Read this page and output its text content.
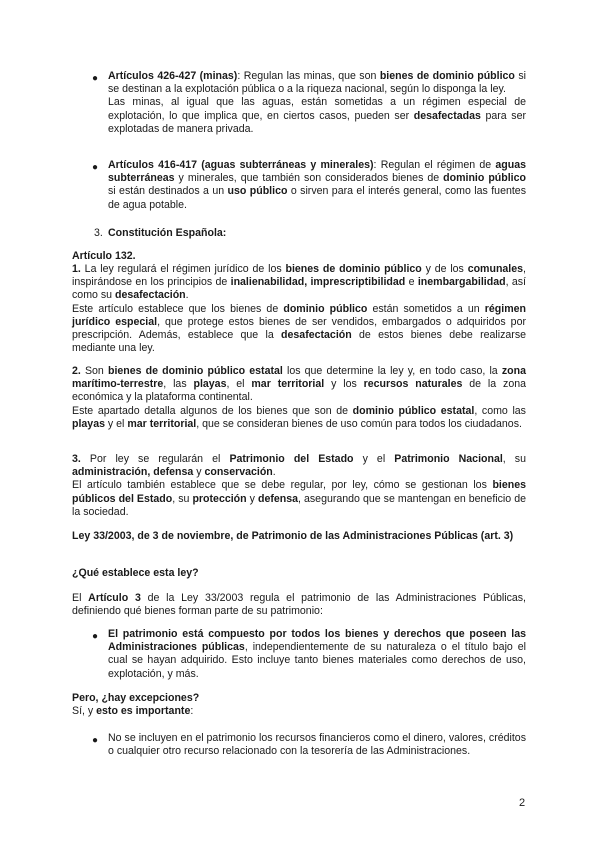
● Artículos 426-427 (minas): Regulan las minas, que son bienes de dominio público si se destinan a la explotación pública o a la riqueza nacional, según lo disponga la ley.
Las minas, al igual que las aguas, están sometidas a un régimen especial de explotación, lo que implica que, en ciertos casos, pueden ser desafectadas para ser explotadas de manera privada.
● Artículos 416-417 (aguas subterráneas y minerales): Regulan el régimen de aguas subterráneas y minerales, que también son considerados bienes de dominio público si están destinados a un uso público o sirven para el interés general, como las fuentes de agua potable.
3. Constitución Española:
Artículo 132.
1. La ley regulará el régimen jurídico de los bienes de dominio público y de los comunales, inspirándose en los principios de inalienabilidad, imprescriptibilidad e inembargabilidad, así como su desafectación.
Este artículo establece que los bienes de dominio público están sometidos a un régimen jurídico especial, que protege estos bienes de ser vendidos, embargados o adquiridos por prescripción. Además, establece que la desafectación de estos bienes debe realizarse mediante una ley.
2. Son bienes de dominio público estatal los que determine la ley y, en todo caso, la zona marítimo-terrestre, las playas, el mar territorial y los recursos naturales de la zona económica y la plataforma continental.
Este apartado detalla algunos de los bienes que son de dominio público estatal, como las playas y el mar territorial, que se consideran bienes de uso común para todos los ciudadanos.
3. Por ley se regularán el Patrimonio del Estado y el Patrimonio Nacional, su administración, defensa y conservación.
El artículo también establece que se debe regular, por ley, cómo se gestionan los bienes públicos del Estado, su protección y defensa, asegurando que se mantengan en beneficio de la sociedad.
Ley 33/2003, de 3 de noviembre, de Patrimonio de las Administraciones Públicas (art. 3)
¿Qué establece esta ley?
El Artículo 3 de la Ley 33/2003 regula el patrimonio de las Administraciones Públicas, definiendo qué bienes forman parte de su patrimonio:
● El patrimonio está compuesto por todos los bienes y derechos que poseen las Administraciones públicas, independientemente de su naturaleza o el título bajo el cual se hayan adquirido. Esto incluye tanto bienes materiales como derechos de uso, explotación, y más.
Pero, ¿hay excepciones?
Sí, y esto es importante:
● No se incluyen en el patrimonio los recursos financieros como el dinero, valores, créditos o cualquier otro recurso relacionado con la tesorería de las Administraciones.
2
